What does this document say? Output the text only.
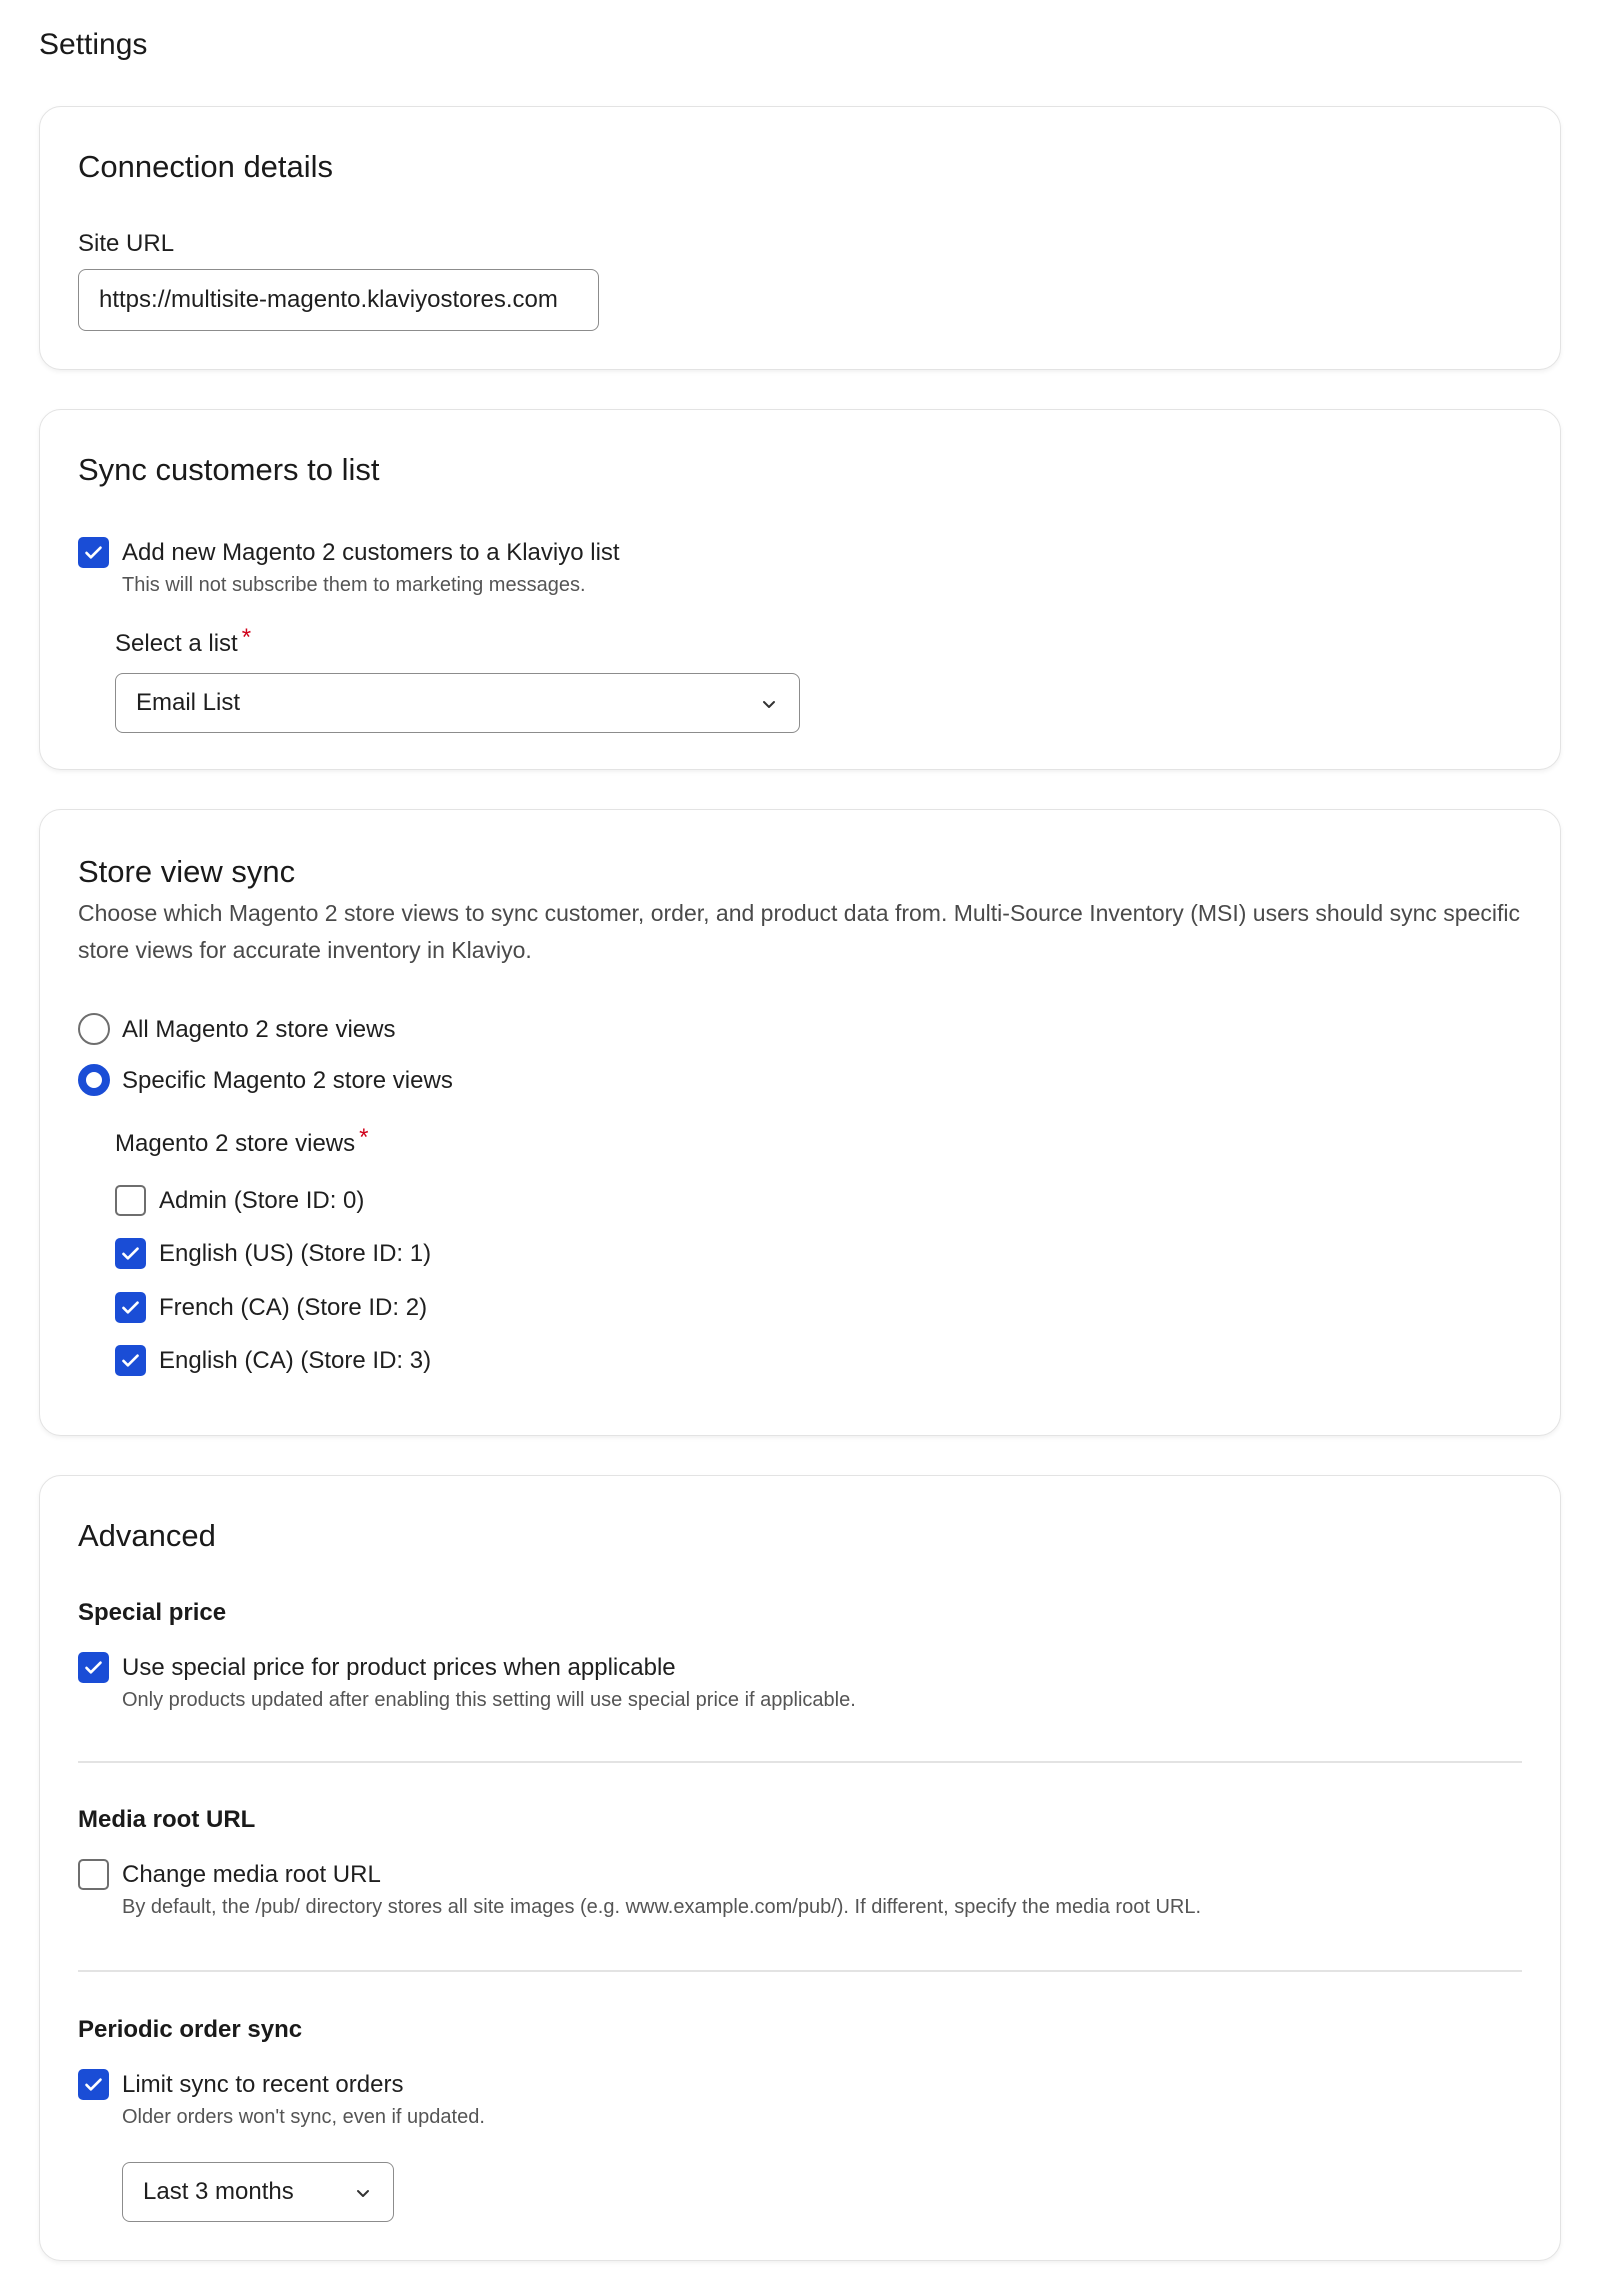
Settings
Connection details
Site URL
https://multisite-magento.klaviyostores.com
Sync customers to list
Add new Magento 2 customers to a Klaviyo list
This will not subscribe them to marketing messages.
Select a list *
Email List
Store view sync
Choose which Magento 2 store views to sync customer, order, and product data from. Multi-Source Inventory (MSI) users should sync specific store views for accurate inventory in Klaviyo.
All Magento 2 store views
Specific Magento 2 store views
Magento 2 store views *
Admin (Store ID: 0)
English (US) (Store ID: 1)
French (CA) (Store ID: 2)
English (CA) (Store ID: 3)
Advanced
Special price
Use special price for product prices when applicable
Only products updated after enabling this setting will use special price if applicable.
Media root URL
Change media root URL
By default, the /pub/ directory stores all site images (e.g. www.example.com/pub/). If different, specify the media root URL.
Periodic order sync
Limit sync to recent orders
Older orders won't sync, even if updated.
Last 3 months
